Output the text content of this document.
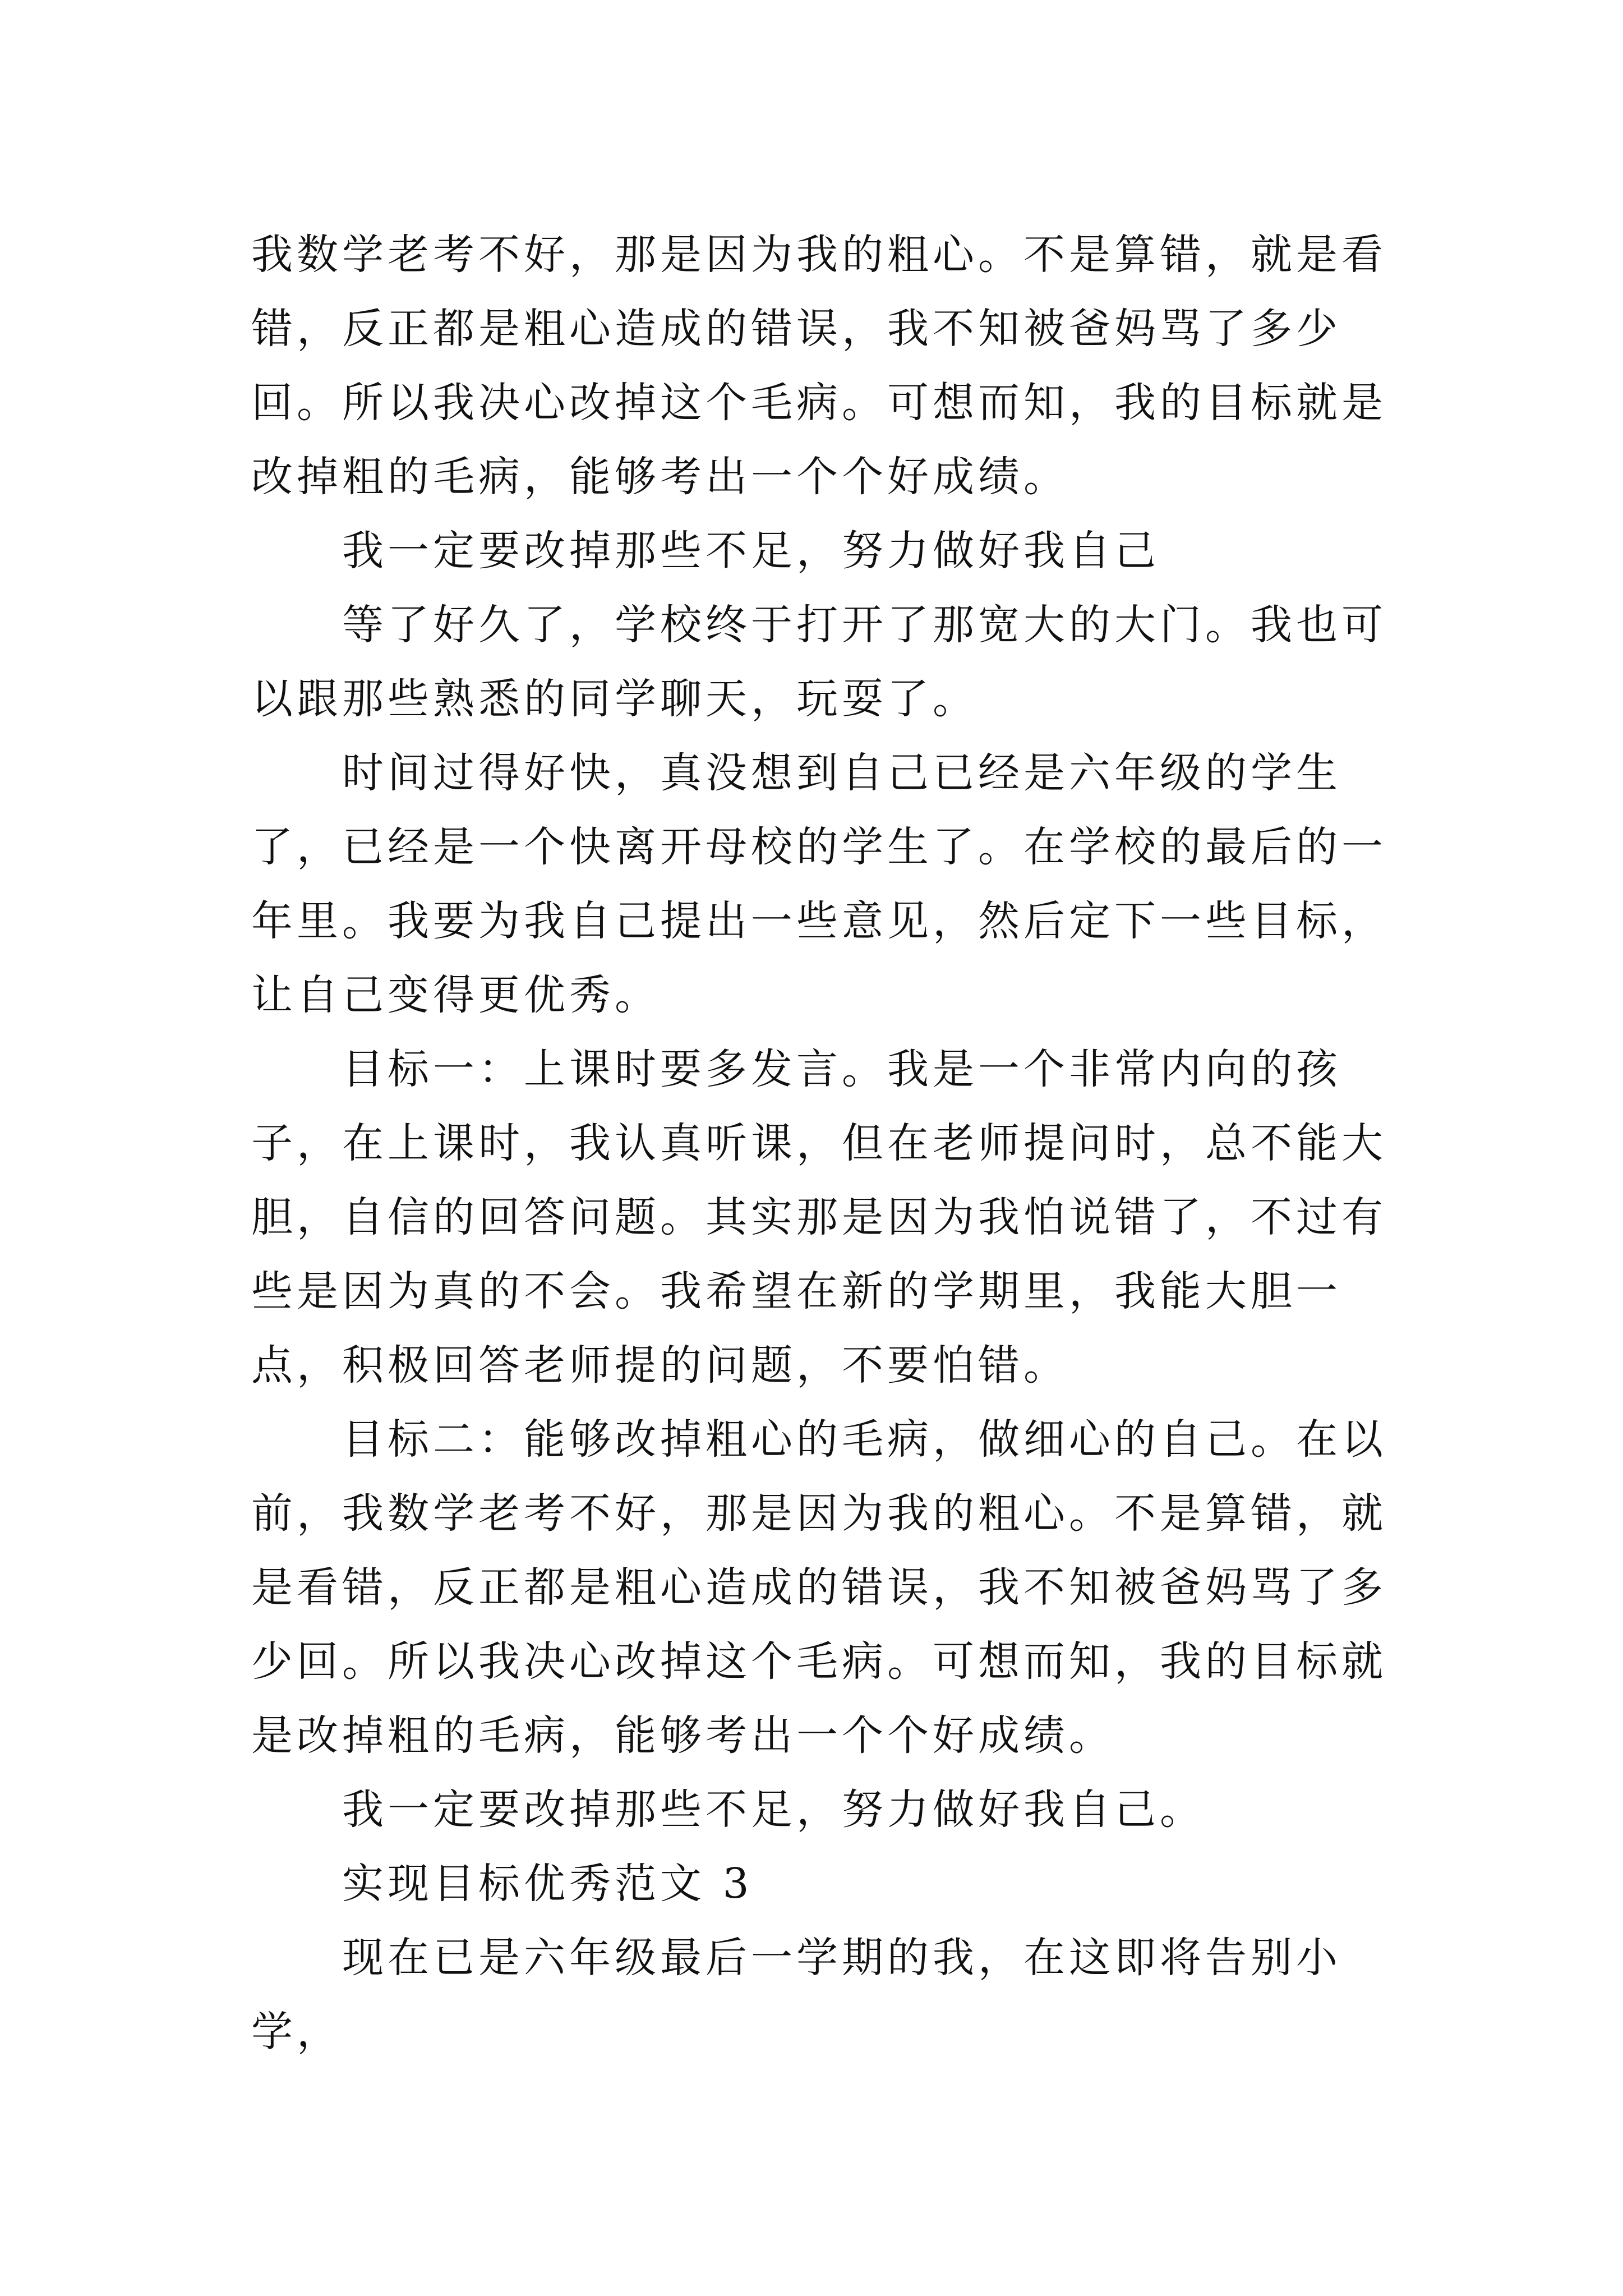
我数学老考不好，那是因为我的粗心。不是算错，就是看错，反正都是粗心造成的错误，我不知被爸妈骂了多少回。所以我决心改掉这个毛病。可想而知，我的目标就是改掉粗的毛病，能够考出一个个好成绩。

我一定要改掉那些不足，努力做好我自己

等了好久了，学校终于打开了那宽大的大门。我也可以跟那些熟悉的同学聊天，玩耍了。

时间过得好快，真没想到自己已经是六年级的学生了，已经是一个快离开母校的学生了。在学校的最后的一年里。我要为我自己提出一些意见，然后定下一些目标，让自己变得更优秀。

目标一：上课时要多发言。我是一个非常内向的孩子，在上课时，我认真听课，但在老师提问时，总不能大胆，自信的回答问题。其实那是因为我怕说错了，不过有些是因为真的不会。我希望在新的学期里，我能大胆一点，积极回答老师提的问题，不要怕错。

目标二：能够改掉粗心的毛病，做细心的自己。在以前，我数学老考不好，那是因为我的粗心。不是算错，就是看错，反正都是粗心造成的错误，我不知被爸妈骂了多少回。所以我决心改掉这个毛病。可想而知，我的目标就是改掉粗的毛病，能够考出一个个好成绩。

我一定要改掉那些不足，努力做好我自己。

实现目标优秀范文 3

现在已是六年级最后一学期的我，在这即将告别小学，
